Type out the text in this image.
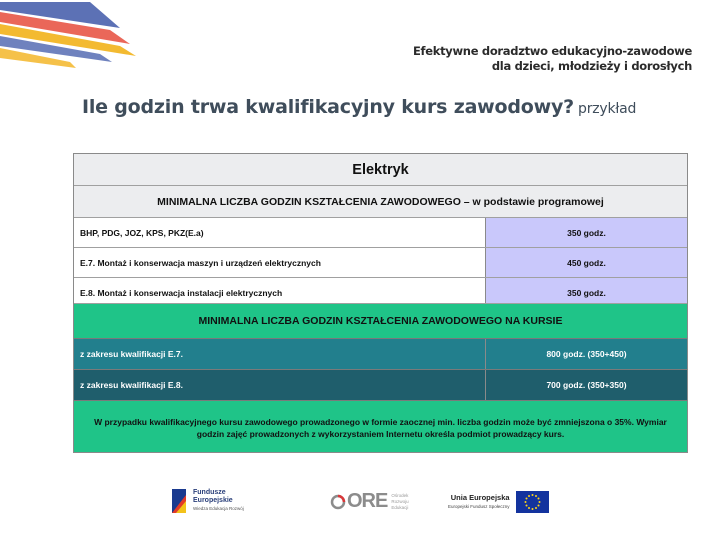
Efektywne doradztwo edukacyjno-zawodowe
dla dzieci, młodzieży i dorosłych
Ile godzin trwa kwalifikacyjny kurs zawodowy? przykład
Elektryk
MINIMALNA LICZBA GODZIN KSZTAŁCENIA ZAWODOWEGO – w podstawie programowej
BHP, PDG, JOZ, KPS, PKZ(E.a)	350 godz.
E.7. Montaż i konserwacja maszyn i urządzeń elektrycznych	450 godz.
E.8. Montaż i konserwacja instalacji elektrycznych	350 godz.
MINIMALNA LICZBA GODZIN KSZTAŁCENIA ZAWODOWEGO NA KURSIE
z zakresu kwalifikacji E.7.	800 godz. (350+450)
z zakresu kwalifikacji E.8.	700 godz. (350+350)
W przypadku kwalifikacyjnego kursu zawodowego prowadzonego w formie zaocznej min. liczba godzin może być zmniejszona o 35%. Wymiar godzin zajęć prowadzonych z wykorzystaniem Internetu określa podmiot prowadzący kurs.
Fundusze
Europejskie
Wiedza Edukacja Rozwój	ORE Ośrodek
Rozwoju
Edukacji
Unia Europejska
Europejski Fundusz Społeczny
